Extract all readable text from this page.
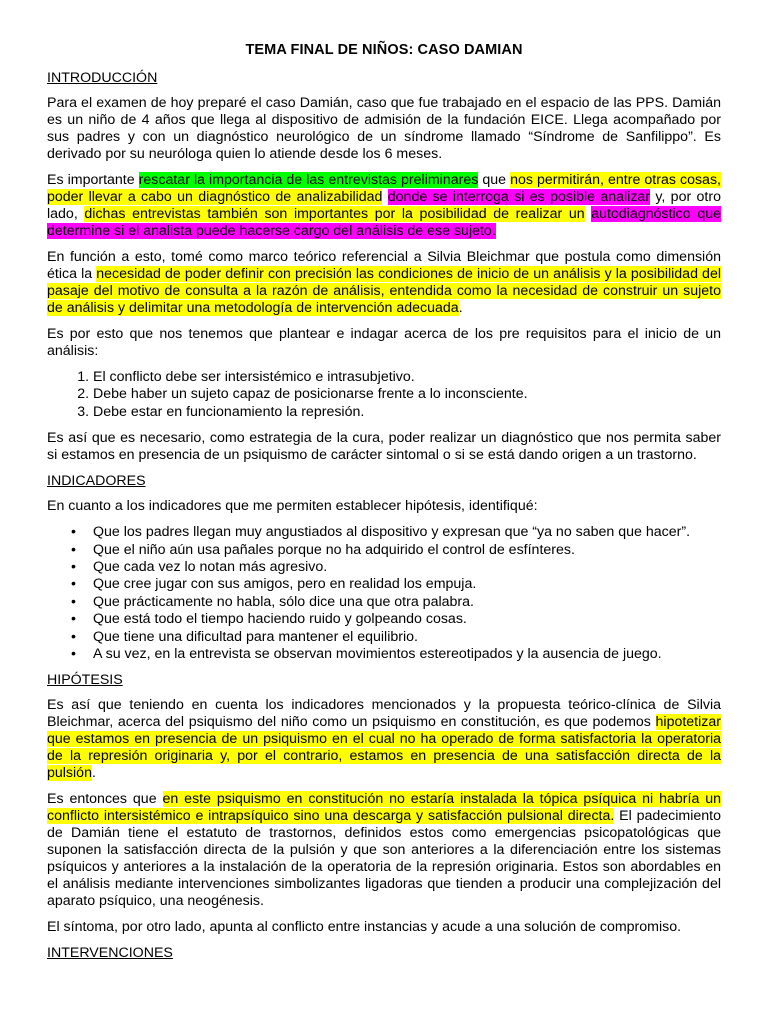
TEMA FINAL DE NIÑOS: CASO DAMIAN
INTRODUCCIÓN

Para el examen de hoy preparé el caso Damián, caso que fue trabajado en el espacio de las PPS. Damián es un niño de 4 años que llega al dispositivo de admisión de la fundación EICE. Llega acompañado por sus padres y con un diagnóstico neurológico de un síndrome llamado “Síndrome de Sanfilippo”. Es derivado por su neuróloga quien lo atiende desde los 6 meses.

Es importante rescatar la importancia de las entrevistas preliminares que nos permitirán, entre otras cosas, poder llevar a cabo un diagnóstico de analizabilidad donde se interroga si es posible analizar y, por otro lado, dichas entrevistas también son importantes por la posibilidad de realizar un autodiagnóstico que determine si el analista puede hacerse cargo del análisis de ese sujeto.

En función a esto, tomé como marco teórico referencial a Silvia Bleichmar que postula como dimensión ética la necesidad de poder definir con precisión las condiciones de inicio de un análisis y la posibilidad del pasaje del motivo de consulta a la razón de análisis, entendida como la necesidad de construir un sujeto de análisis y delimitar una metodología de intervención adecuada.

Es por esto que nos tenemos que plantear e indagar acerca de los pre requisitos para el inicio de un análisis:

1. El conflicto debe ser intersistémico e intrasubjetivo.
2. Debe haber un sujeto capaz de posicionarse frente a lo inconsciente.
3. Debe estar en funcionamiento la represión.

Es así que es necesario, como estrategia de la cura, poder realizar un diagnóstico que nos permita saber si estamos en presencia de un psiquismo de carácter sintomal o si se está dando origen a un trastorno.

INDICADORES

En cuanto a los indicadores que me permiten establecer hipótesis, identifiqué:

• Que los padres llegan muy angustiados al dispositivo y expresan que “ya no saben que hacer”.
• Que el niño aún usa pañales porque no ha adquirido el control de esfínteres.
• Que cada vez lo notan más agresivo.
• Que cree jugar con sus amigos, pero en realidad los empuja.
• Que prácticamente no habla, sólo dice una que otra palabra.
• Que está todo el tiempo haciendo ruido y golpeando cosas.
• Que tiene una dificultad para mantener el equilibrio.
• A su vez, en la entrevista se observan movimientos estereotipados y la ausencia de juego.
HIPÓTESIS

Es así que teniendo en cuenta los indicadores mencionados y la propuesta teórico-clínica de Silvia Bleichmar, acerca del psiquismo del niño como un psiquismo en constitución, es que podemos hipotetizar que estamos en presencia de un psiquismo en el cual no ha operado de forma satisfactoria la operatoria de la represión originaria y, por el contrario, estamos en presencia de una satisfacción directa de la pulsión.

Es entonces que en este psiquismo en constitución no estaría instalada la tópica psíquica ni habría un conflicto intersistémico e intrapsíquico sino una descarga y satisfacción pulsional directa. El padecimiento de Damián tiene el estatuto de trastornos, definidos estos como emergencias psicopatológicas que suponen la satisfacción directa de la pulsión y que son anteriores a la diferenciación entre los sistemas psíquicos y anteriores a la instalación de la operatoria de la represión originaria. Estos son abordables en el análisis mediante intervenciones simbolizantes ligadoras que tienden a producir una complejización del aparato psíquico, una neogénesis.

El síntoma, por otro lado, apunta al conflicto entre instancias y acude a una solución de compromiso.

INTERVENCIONES
